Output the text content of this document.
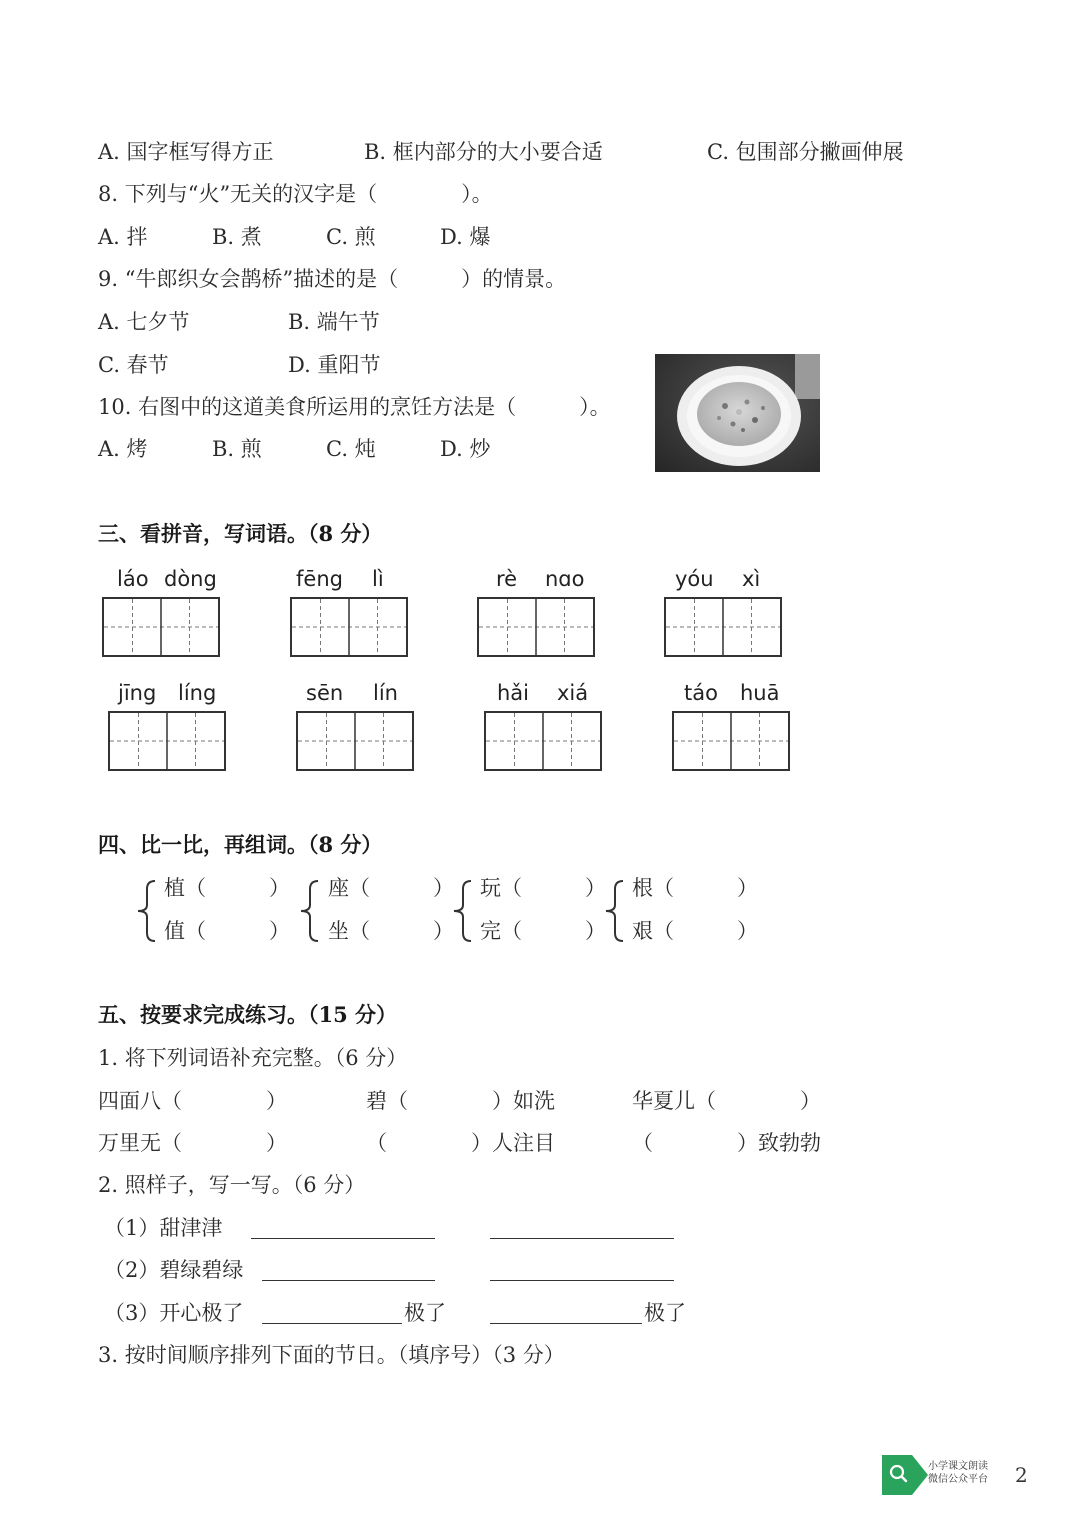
A. 国字框写得方正	B. 框内部分的大小要合适	C. 包围部分撇画伸展
8. 下列与“火”无关的汉字是（　　　　）。
A. 拌	B. 煮	C. 煎	D. 爆
9. “牛郎织女会鹊桥”描述的是（　　　）的情景。
A. 七夕节	B. 端午节
C. 春节	D. 重阳节
10. 右图中的这道美食所运用的烹饪方法是（　　　）。
A. 烤	B. 煎	C. 炖	D. 炒
三、看拼音，写词语。（8 分）
láo dòng	fēng lì	rè nɑo	yóu xì
jīng líng	sēn lín	hǎi xiá	táo huā
四、比一比，再组词。（8 分）
植（　　　）
值（　　　）
座（　　　）
坐（　　　）
玩（　　　）
完（　　　）
根（　　　）
艰（　　　）
五、按要求完成练习。（15 分）
1. 将下列词语补充完整。（6 分）
四面八（　　　　）	碧（　　　　）如洗	华夏儿（　　　　）
万里无（　　　　）	（　　　　）人注目	（　　　　）致勃勃
2. 照样子，写一写。（6 分）
（1）甜津津
（2）碧绿碧绿
（3）开心极了	极了	极了
3. 按时间顺序排列下面的节日。（填序号）（3 分）
小学课文朗读
微信公众平台 2
